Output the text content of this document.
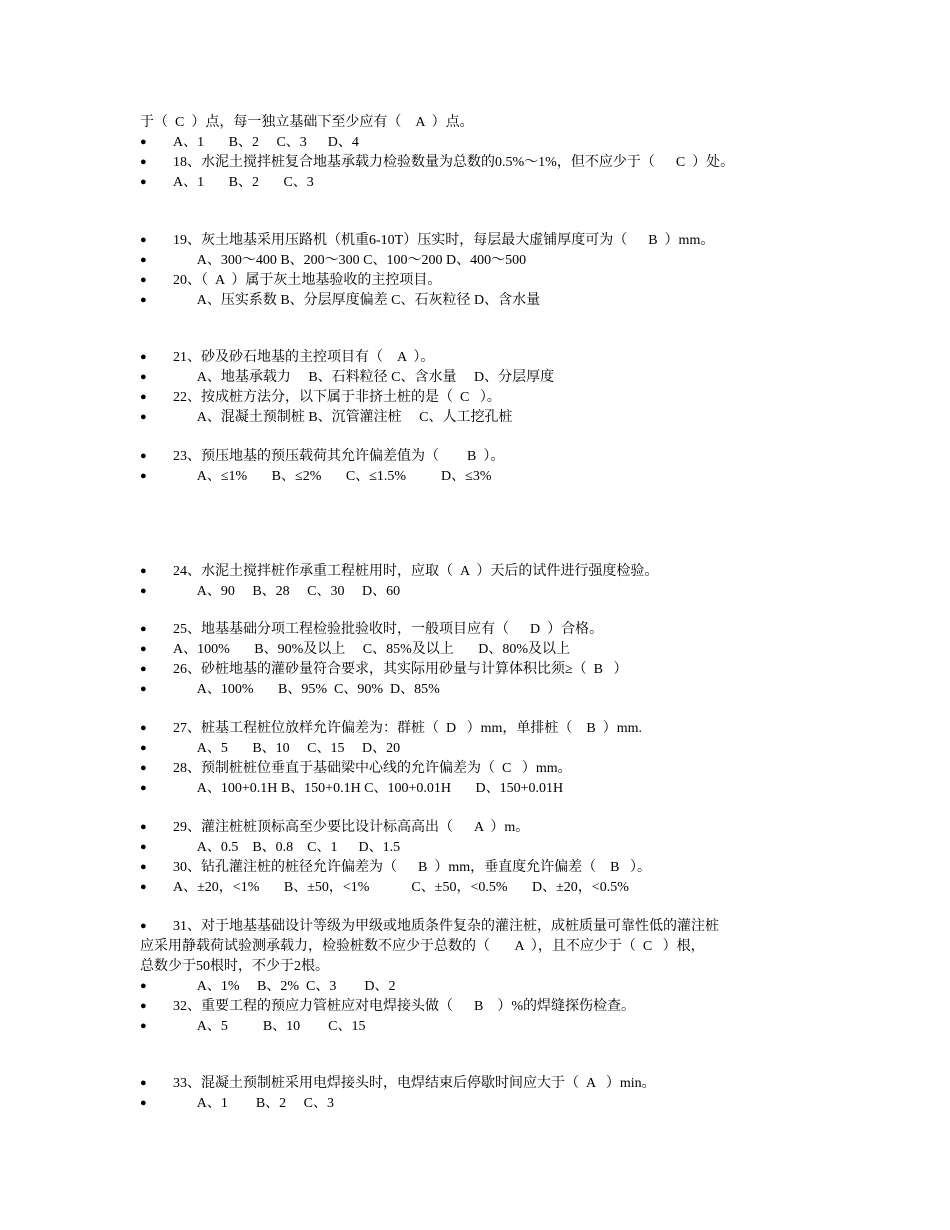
于（  C  ）点，每一独立基础下至少应有（    A  ）点。
● A、1       B、2     C、3      D、4
● 18、水泥土搅拌桩复合地基承载力检验数量为总数的0.5%～1%，但不应少于（      C  ）处。
● A、1       B、2       C、3
● 19、灰土地基采用压路机（机重6-10T）压实时，每层最大虚铺厚度可为（      B  ）mm。
●        A、300～400 B、200～300 C、100～200 D、400～500
● 20、（  A  ）属于灰土地基验收的主控项目。
●        A、压实系数 B、分层厚度偏差 C、石灰粒径 D、含水量
● 21、砂及砂石地基的主控项目有（    A  ）。
●        A、地基承载力     B、石料粒径 C、含水量     D、分层厚度
● 22、按成桩方法分，以下属于非挤土桩的是（  C   ）。
●        A、混凝土预制桩 B、沉管灌注桩     C、人工挖孔桩
● 23、预压地基的预压载荷其允许偏差值为（        B  ）。
●        A、≤1%       B、≤2%       C、≤1.5%          D、≤3%
● 24、水泥土搅拌桩作承重工程桩用时，应取（  A  ）天后的试件进行强度检验。
●        A、90     B、28     C、30     D、60
● 25、地基基础分项工程检验批验收时，一般项目应有（      D  ）合格。
● A、100%       B、90%及以上     C、85%及以上       D、80%及以上
● 26、砂桩地基的灌砂量符合要求，其实际用砂量与计算体积比须≥（  B   ）
●        A、100%       B、95%  C、90%  D、85%
● 27、桩基工程桩位放样允许偏差为：群桩（  D   ）mm，单排桩（    B  ）mm.
●        A、5       B、10     C、15     D、20
● 28、预制桩桩位垂直于基础梁中心线的允许偏差为（  C   ）mm。
●        A、100+0.1H B、150+0.1H C、100+0.01H       D、150+0.01H
● 29、灌注桩桩顶标高至少要比设计标高高出（      A  ）m。
●        A、0.5    B、0.8    C、1      D、1.5
● 30、钻孔灌注桩的桩径允许偏差为（      B  ）mm，垂直度允许偏差（    B   ）。
● A、±20，<1%       B、±50，<1%            C、±50，<0.5%       D、±20，<0.5%
● 31、对于地基基础设计等级为甲级或地质条件复杂的灌注桩，成桩质量可靠性低的灌注桩
应采用静载荷试验测承载力，检验桩数不应少于总数的（       A  ），且不应少于（  C   ）根，
总数少于50根时，不少于2根。
●        A、1%     B、2%  C、3        D、2
● 32、重要工程的预应力管桩应对电焊接头做（      B    ）%的焊缝探伤检查。
●        A、5          B、10        C、15
● 33、混凝土预制桩采用电焊接头时，电焊结束后停歇时间应大于（  A   ）min。
●        A、1        B、2     C、3
